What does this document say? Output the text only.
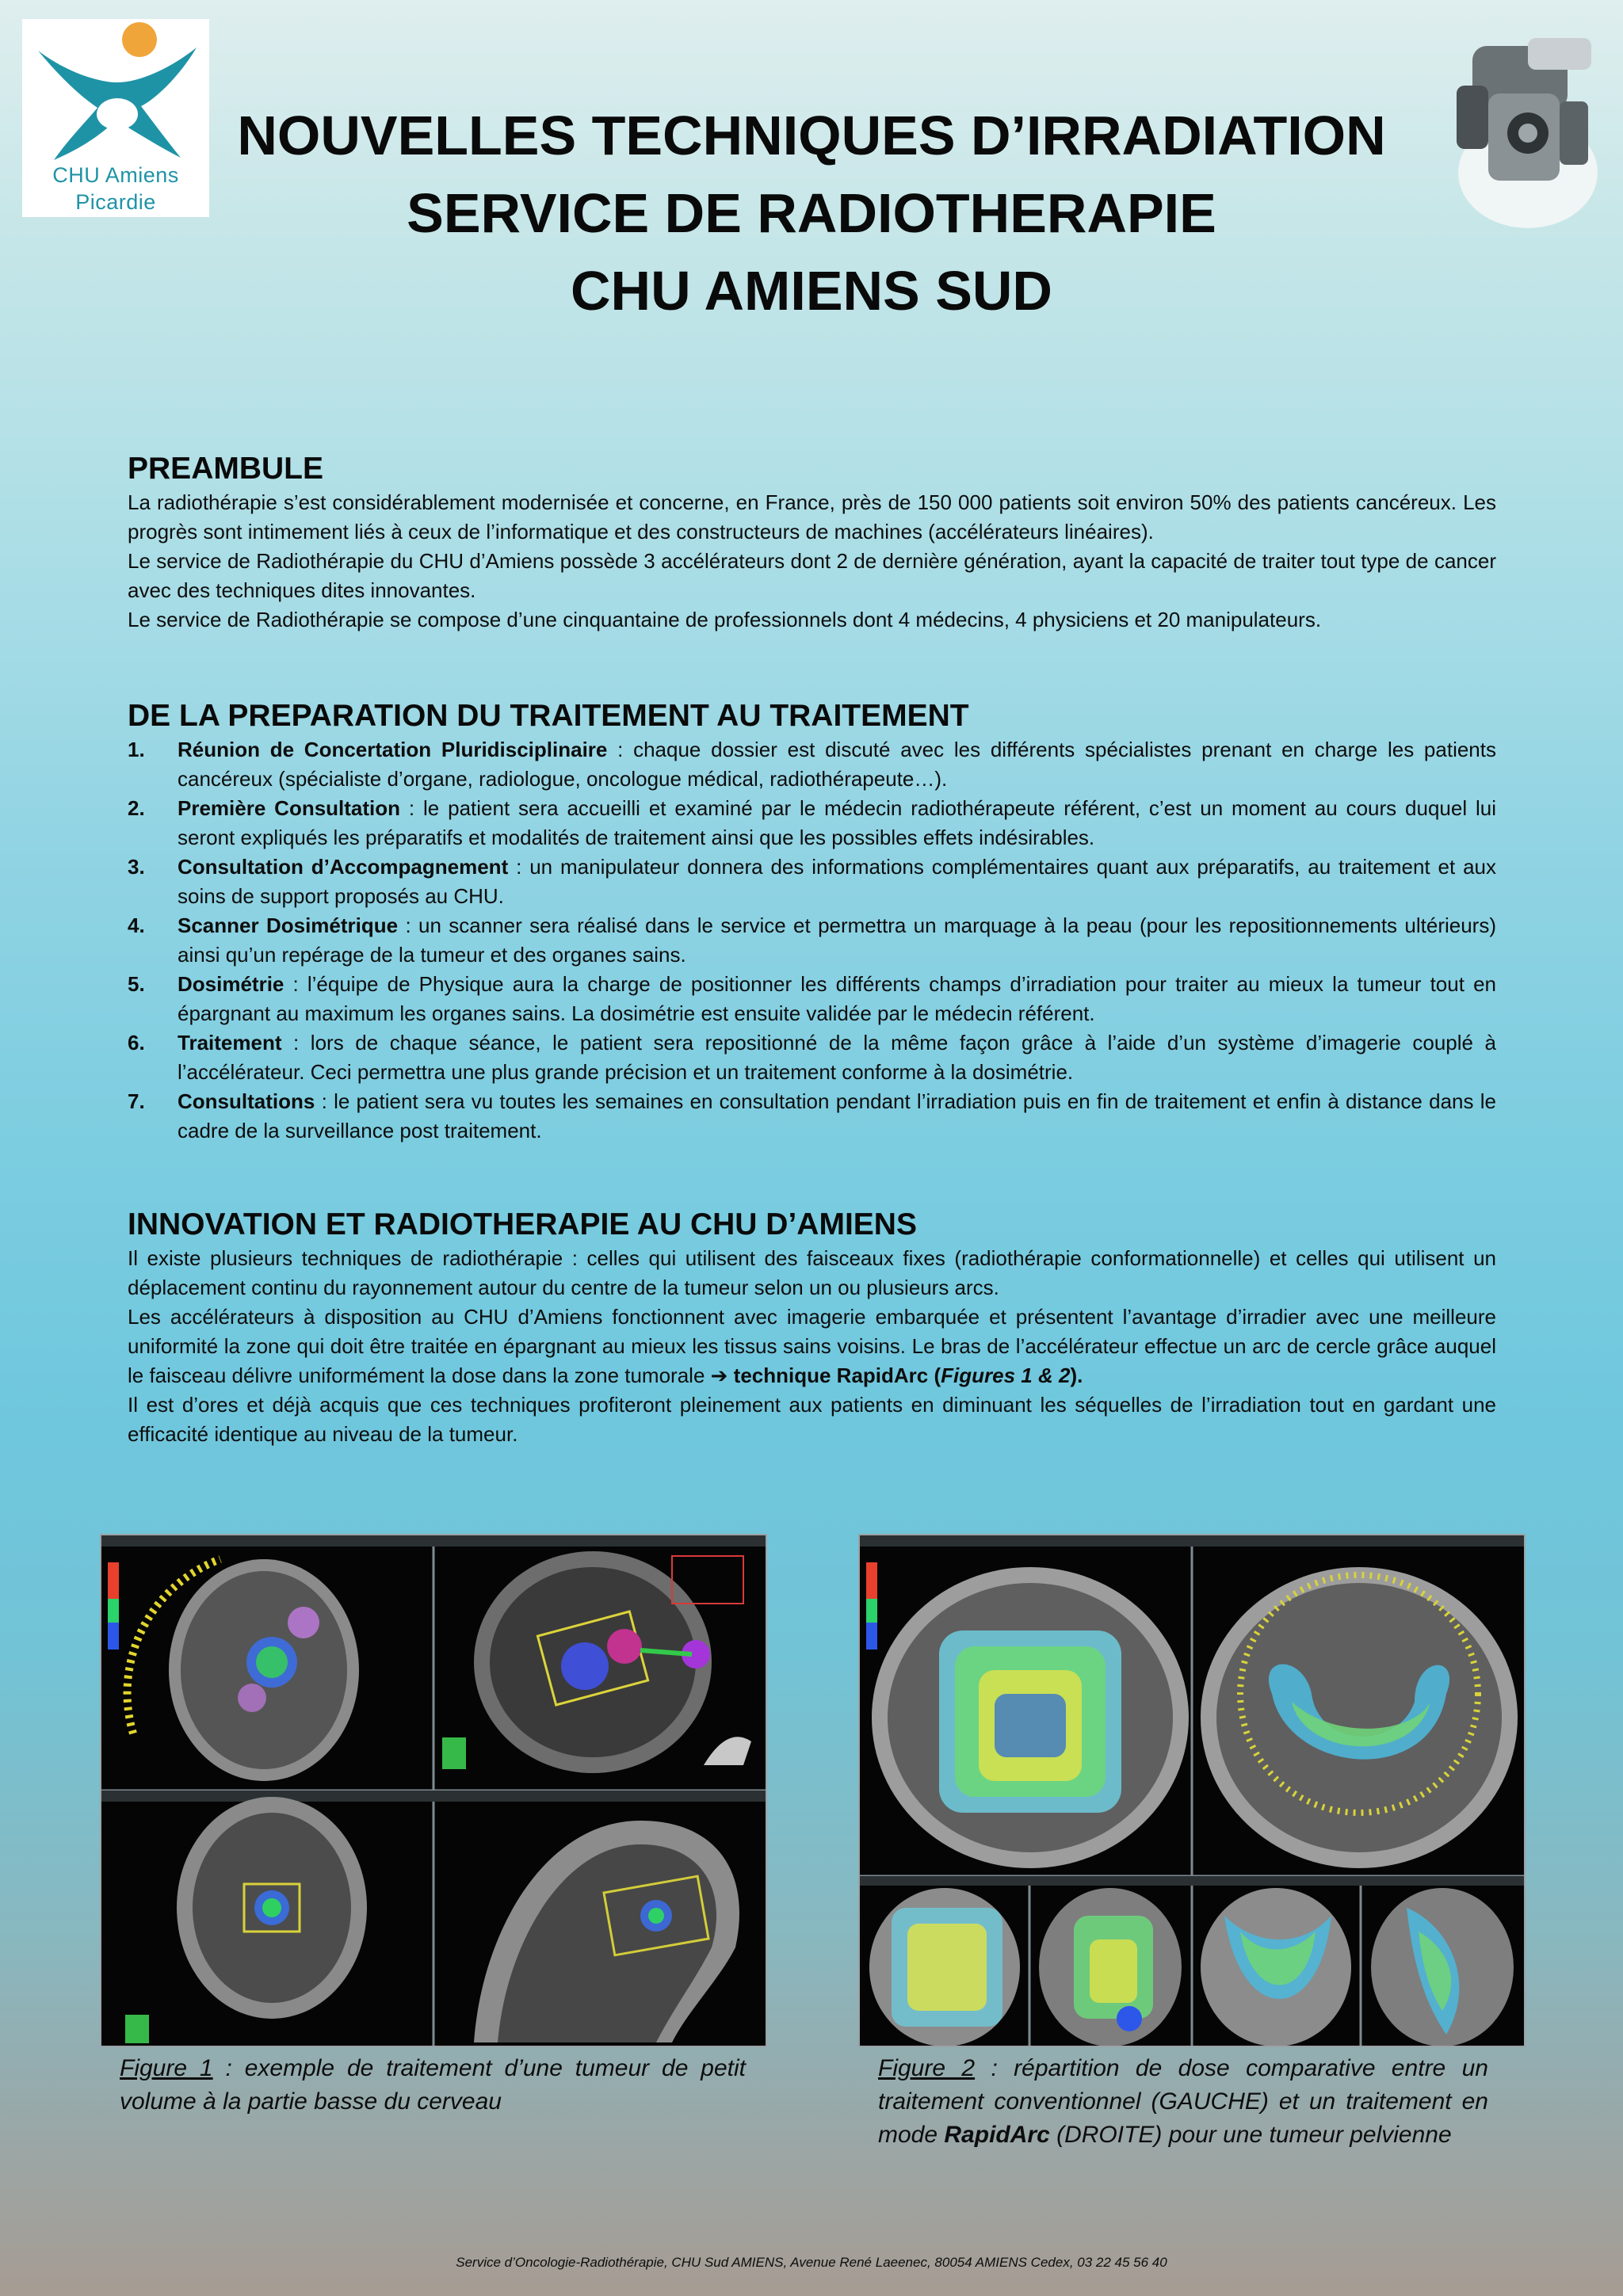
CHU Amiens
Picardie
NOUVELLES TECHNIQUES D’IRRADIATION
SERVICE DE RADIOTHERAPIE
CHU AMIENS SUD
PREAMBULE

La radiothérapie s’est considérablement modernisée et concerne, en France, près de 150 000 patients soit environ 50% des patients cancéreux. Les progrès sont intimement liés à ceux de l’informatique et des constructeurs de machines (accélérateurs linéaires).

Le service de Radiothérapie du CHU d’Amiens possède 3 accélérateurs dont 2 de dernière génération, ayant la capacité de traiter tout type de cancer avec des techniques dites innovantes.

Le service de Radiothérapie se compose d’une cinquantaine de professionnels dont 4 médecins, 4 physiciens et 20 manipulateurs.

DE LA PREPARATION DU TRAITEMENT AU TRAITEMENT
1. Réunion de Concertation Pluridisciplinaire : chaque dossier est discuté avec les différents spécialistes prenant en charge les patients cancéreux (spécialiste d’organe, radiologue, oncologue médical, radiothérapeute…).
2. Première Consultation : le patient sera accueilli et examiné par le médecin radiothérapeute référent, c’est un moment au cours duquel lui seront expliqués les préparatifs et modalités de traitement ainsi que les possibles effets indésirables.
3. Consultation d’Accompagnement : un manipulateur donnera des informations complémentaires quant aux préparatifs, au traitement et aux soins de support proposés au CHU.
4. Scanner Dosimétrique : un scanner sera réalisé dans le service et permettra un marquage à la peau (pour les repositionnements ultérieurs) ainsi qu’un repérage de la tumeur et des organes sains.
5. Dosimétrie : l’équipe de Physique aura la charge de positionner les différents champs d’irradiation pour traiter au mieux la tumeur tout en épargnant au maximum les organes sains. La dosimétrie est ensuite validée par le médecin référent.
6. Traitement : lors de chaque séance, le patient sera repositionné de la même façon grâce à l’aide d’un système d’imagerie couplé à l’accélérateur. Ceci permettra une plus grande précision et un traitement conforme à la dosimétrie.
7. Consultations : le patient sera vu toutes les semaines en consultation pendant l’irradiation puis en fin de traitement et enfin à distance dans le cadre de la surveillance post traitement.
INNOVATION ET RADIOTHERAPIE AU CHU D’AMIENS

Il existe plusieurs techniques de radiothérapie : celles qui utilisent des faisceaux fixes (radiothérapie conformationnelle) et celles qui utilisent un déplacement continu du rayonnement autour du centre de la tumeur selon un ou plusieurs arcs.

Les accélérateurs à disposition au CHU d’Amiens fonctionnent avec imagerie embarquée et présentent l’avantage d’irradier avec une meilleure uniformité la zone qui doit être traitée en épargnant au mieux les tissus sains voisins. Le bras de l’accélérateur effectue un arc de cercle grâce auquel le faisceau délivre uniformément la dose dans la zone tumorale ➔ technique RapidArc (Figures 1 & 2).

Il est d’ores et déjà acquis que ces techniques profiteront pleinement aux patients en diminuant les séquelles de l’irradiation tout en gardant une efficacité identique au niveau de la tumeur.

Figure 1 : exemple de traitement d’une tumeur de petit volume à la partie basse du cerveau
Figure 2 : répartition de dose comparative entre un traitement conventionnel (GAUCHE) et un traitement en mode RapidArc (DROITE) pour une tumeur pelvienne
Service d’Oncologie-Radiothérapie, CHU Sud AMIENS, Avenue René Laeenec, 80054 AMIENS Cedex, 03 22 45 56 40
